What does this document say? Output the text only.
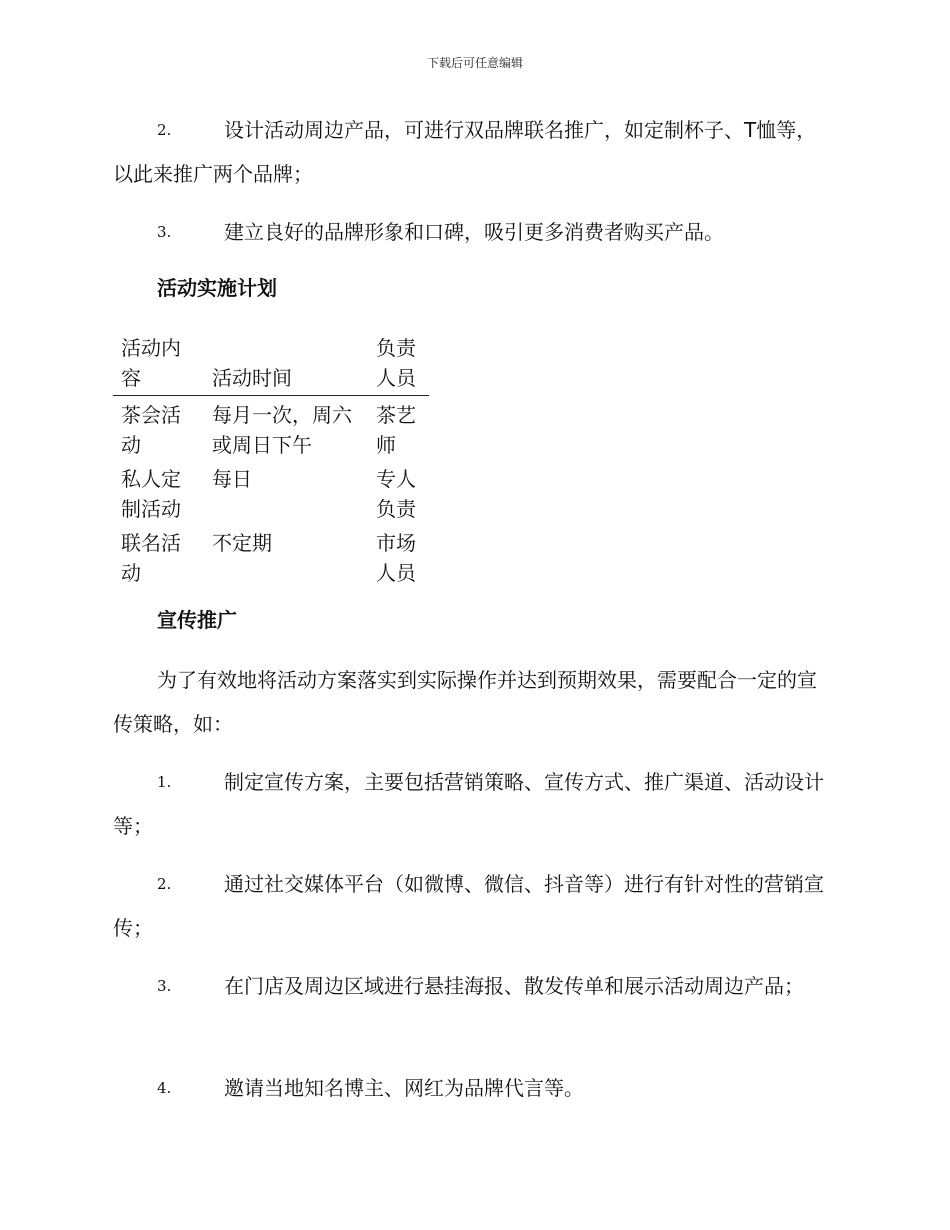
下载后可任意编辑
2.	设计活动周边产品，可进行双品牌联名推广，如定制杯子、T恤等，以此来推广两个品牌；
3.	建立良好的品牌形象和口碑，吸引更多消费者购买产品。
活动实施计划
活动内容	活动时间	负责人员
茶会活动	每月一次，周六或周日下午	茶艺师
私人定制活动	每日	专人负责
联名活动	不定期	市场人员
宣传推广
为了有效地将活动方案落实到实际操作并达到预期效果，需要配合一定的宣传策略，如：
1.	制定宣传方案，主要包括营销策略、宣传方式、推广渠道、活动设计等；
2.	通过社交媒体平台（如微博、微信、抖音等）进行有针对性的营销宣传；
3.	在门店及周边区域进行悬挂海报、散发传单和展示活动周边产品；
4.	邀请当地知名博主、网红为品牌代言等。
